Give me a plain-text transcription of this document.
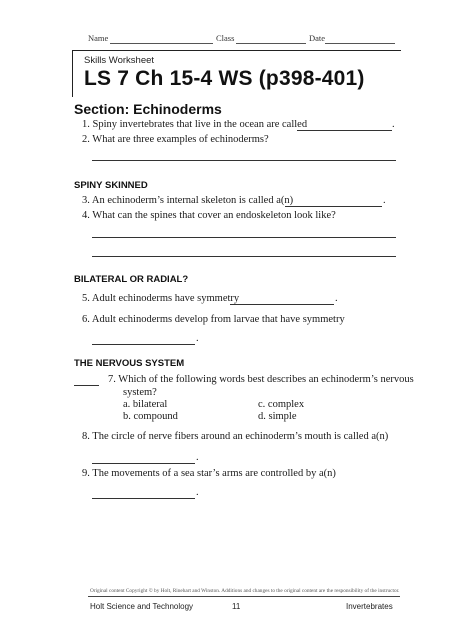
Name	Class	Date
Skills Worksheet
LS 7 Ch 15-4 WS (p398-401)
Section: Echinoderms
1. Spiny invertebrates that live in the ocean are called	.
2. What are three examples of echinoderms?
SPINY SKINNED
3. An echinoderm’s internal skeleton is called a(n)	.
4. What can the spines that cover an endoskeleton look like?
BILATERAL OR RADIAL?
5. Adult echinoderms have symmetry	.
6. Adult echinoderms develop from larvae that have symmetry
.
THE NERVOUS SYSTEM
7. Which of the following words best describes an echinoderm’s nervous
system?
a. bilateral	c. complex
b. compound	d. simple
8. The circle of nerve fibers around an echinoderm’s mouth is called a(n)
.
9. The movements of a sea star’s arms are controlled by a(n)
.
Original content Copyright © by Holt, Rinehart and Winston. Additions and changes to the original content are the responsibility of the instructor.
Holt Science and Technology	11	Invertebrates
